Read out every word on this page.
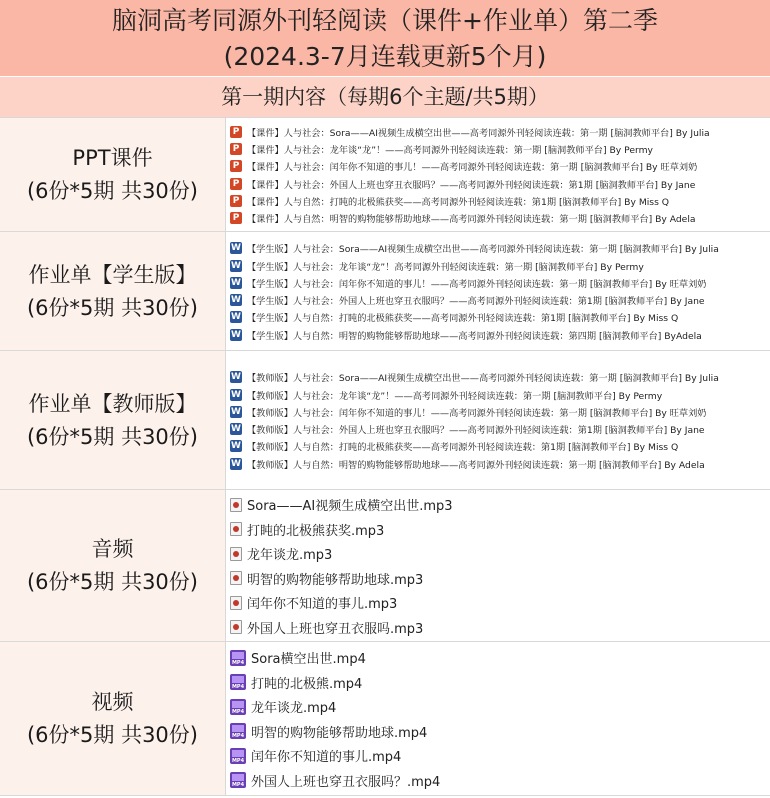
脑洞高考同源外刊轻阅读（课件+作业单）第二季
(2024.3-7月连载更新5个月)
第一期内容（每期6个主题/共5期）
PPT课件
(6份*5期 共30份)
P 【课件】人与社会：Sora——AI视频生成横空出世——高考同源外刊轻阅读连载：第一期 [脑洞教师平台] By Julia
P 【课件】人与社会：龙年谈“龙”！——高考同源外刊轻阅读连载：第一期 [脑洞教师平台] By Permy
P 【课件】人与社会：闰年你不知道的事儿！——高考同源外刊轻阅读连载：第一期 [脑洞教师平台] By 旺草刘奶
P 【课件】人与社会：外国人上班也穿丑衣服吗？——高考同源外刊轻阅读连载：第1期 [脑洞教师平台] By Jane
P 【课件】人与自然：打盹的北极熊获奖——高考同源外刊轻阅读连载：第1期 [脑洞教师平台] By Miss Q
P 【课件】人与自然：明智的购物能够帮助地球——高考同源外刊轻阅读连载：第一期 [脑洞教师平台] By Adela
作业单【学生版】
(6份*5期 共30份)
W 【学生版】人与社会：Sora——AI视频生成横空出世——高考同源外刊轻阅读连载：第一期 [脑洞教师平台] By Julia
W 【学生版】人与社会：龙年谈“龙”！高考同源外刊轻阅读连载：第一期 [脑洞教师平台] By Permy
W 【学生版】人与社会：闰年你不知道的事儿！——高考同源外刊轻阅读连载：第一期 [脑洞教师平台] By 旺草刘奶
W 【学生版】人与社会：外国人上班也穿丑衣服吗？——高考同源外刊轻阅读连载：第1期 [脑洞教师平台] By Jane
W 【学生版】人与自然：打盹的北极熊获奖——高考同源外刊轻阅读连载：第1期 [脑洞教师平台] By Miss Q
W 【学生版】人与自然：明智的购物能够帮助地球——高考同源外刊轻阅读连载：第四期 [脑洞教师平台] ByAdela
作业单【教师版】
(6份*5期 共30份)
W 【教师版】人与社会：Sora——AI视频生成横空出世——高考同源外刊轻阅读连载：第一期 [脑洞教师平台] By Julia
W 【教师版】人与社会：龙年谈“龙”！——高考同源外刊轻阅读连载：第一期 [脑洞教师平台] By Permy
W 【教师版】人与社会：闰年你不知道的事儿！——高考同源外刊轻阅读连载：第一期 [脑洞教师平台] By 旺草刘奶
W 【教师版】人与社会：外国人上班也穿丑衣服吗？——高考同源外刊轻阅读连载：第1期 [脑洞教师平台] By Jane
W 【教师版】人与自然：打盹的北极熊获奖——高考同源外刊轻阅读连载：第1期 [脑洞教师平台] By Miss Q
W 【教师版】人与自然：明智的购物能够帮助地球——高考同源外刊轻阅读连载：第一期 [脑洞教师平台] By Adela
音频
(6份*5期 共30份)
Sora——AI视频生成横空出世.mp3
打盹的北极熊获奖.mp3
龙年谈龙.mp3
明智的购物能够帮助地球.mp3
闰年你不知道的事儿.mp3
外国人上班也穿丑衣服吗.mp3
视频
(6份*5期 共30份)
Sora横空出世.mp4
打盹的北极熊.mp4
龙年谈龙.mp4
明智的购物能够帮助地球.mp4
闰年你不知道的事儿.mp4
外国人上班也穿丑衣服吗？.mp4
